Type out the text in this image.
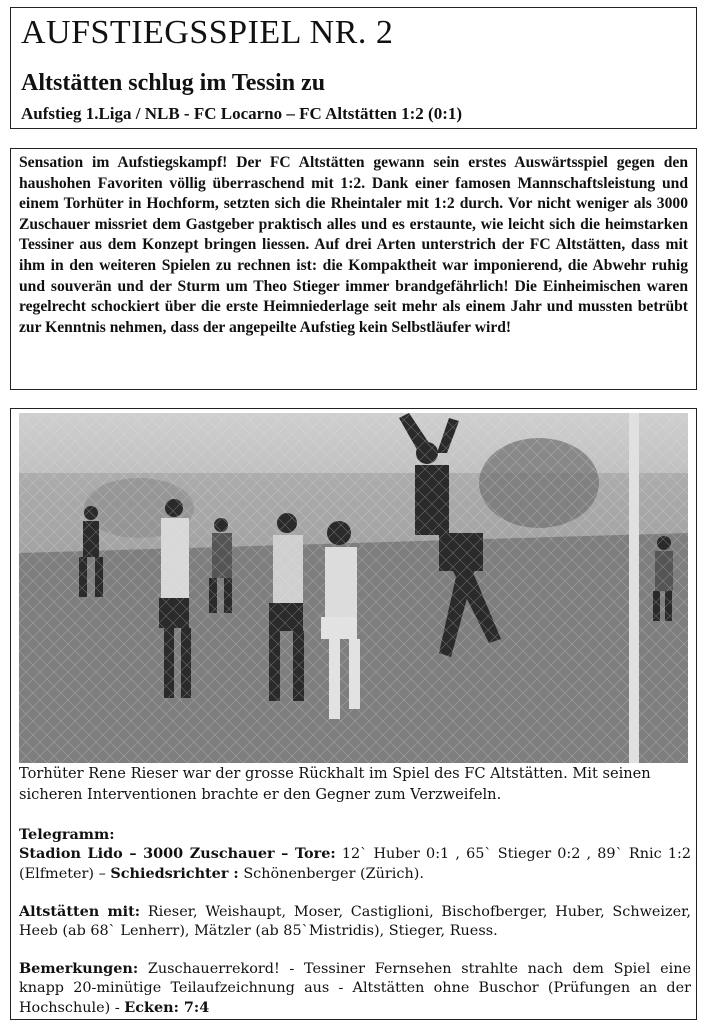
AUFSTIEGSSPIEL NR. 2
Altstätten schlug im Tessin zu
Aufstieg 1.Liga / NLB - FC Locarno – FC Altstätten 1:2 (0:1)

Sensation im Aufstiegskampf! Der FC Altstätten gewann sein erstes Auswärtsspiel gegen den haushohen Favoriten völlig überraschend mit 1:2. Dank einer famosen Mannschaftsleistung und einem Torhüter in Hochform, setzten sich die Rheintaler mit 1:2 durch. Vor nicht weniger als 3000 Zuschauer missriet dem Gastgeber praktisch alles und es erstaunte, wie leicht sich die heimstarken Tessiner aus dem Konzept bringen liessen. Auf drei Arten unterstrich der FC Altstätten, dass mit ihm in den weiteren Spielen zu rechnen ist: die Kompaktheit war imponierend, die Abwehr ruhig und souverän und der Sturm um Theo Stieger immer brandgefährlich! Die Einheimischen waren regelrecht schockiert über die erste Heimniederlage seit mehr als einem Jahr und mussten betrübt zur Kenntnis nehmen, dass der angepeilte Aufstieg kein Selbstläufer wird!

Torhüter Rene Rieser war der grosse Rückhalt im Spiel des FC Altstätten. Mit seinen sicheren Interventionen brachte er den Gegner zum Verzweifeln.

Telegramm:

Stadion Lido – 3000 Zuschauer – Tore: 12` Huber 0:1 , 65` Stieger 0:2 , 89` Rnic 1:2 (Elfmeter) – Schiedsrichter : Schönenberger (Zürich).

Altstätten mit: Rieser, Weishaupt, Moser, Castiglioni, Bischofberger, Huber, Schweizer, Heeb (ab 68` Lenherr), Mätzler (ab 85`Mistridis), Stieger, Ruess.

Bemerkungen: Zuschauerrekord! - Tessiner Fernsehen strahlte nach dem Spiel eine knapp 20-minütige Teilaufzeichnung aus - Altstätten ohne Buschor (Prüfungen an der Hochschule) - Ecken: 7:4
